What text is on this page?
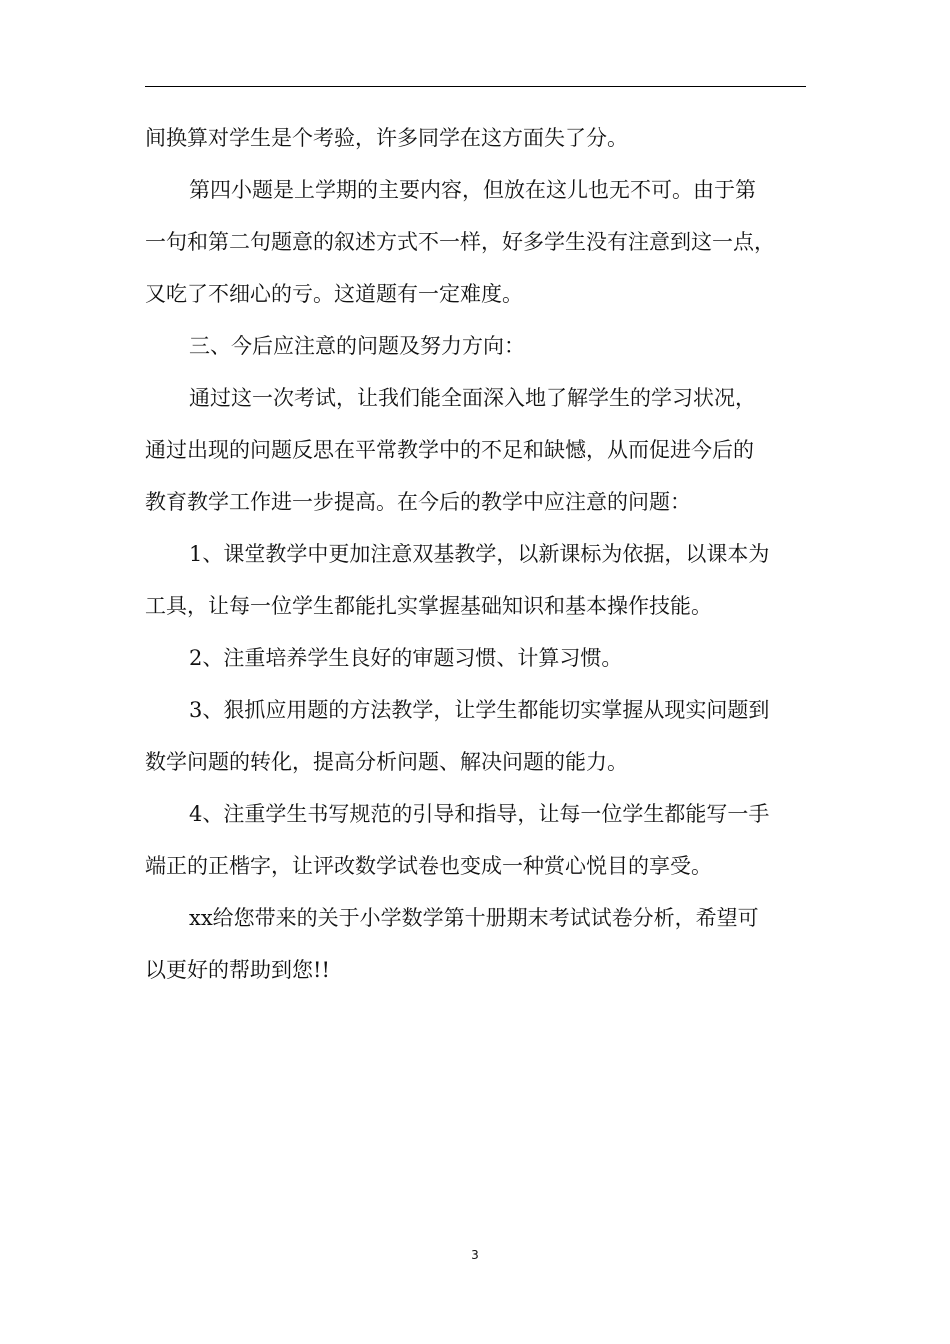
间换算对学生是个考验，许多同学在这方面失了分。
第四小题是上学期的主要内容，但放在这儿也无不可。由于第
一句和第二句题意的叙述方式不一样，好多学生没有注意到这一点，
又吃了不细心的亏。这道题有一定难度。
三、今后应注意的问题及努力方向：
通过这一次考试，让我们能全面深入地了解学生的学习状况，
通过出现的问题反思在平常教学中的不足和缺憾，从而促进今后的
教育教学工作进一步提高。在今后的教学中应注意的问题：
1、课堂教学中更加注意双基教学，以新课标为依据，以课本为
工具，让每一位学生都能扎实掌握基础知识和基本操作技能。
2、注重培养学生良好的审题习惯、计算习惯。
3、狠抓应用题的方法教学，让学生都能切实掌握从现实问题到
数学问题的转化，提高分析问题、解决问题的能力。
4、注重学生书写规范的引导和指导，让每一位学生都能写一手
端正的正楷字，让评改数学试卷也变成一种赏心悦目的享受。
xx给您带来的关于小学数学第十册期末考试试卷分析，希望可
以更好的帮助到您!!
3
